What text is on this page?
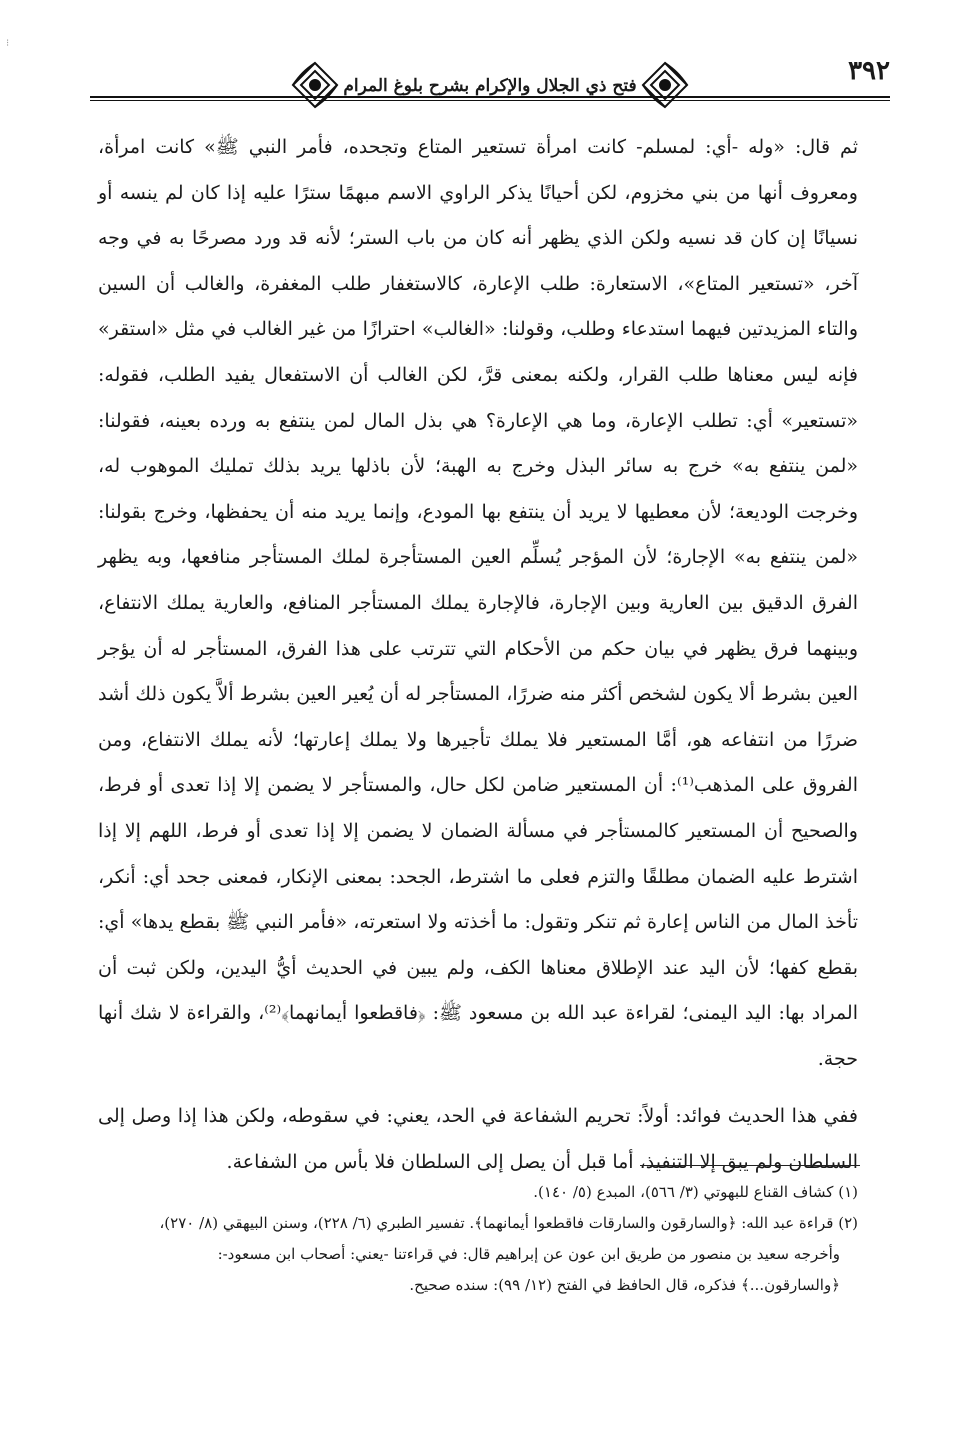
⁝
فتح ذي الجلال والإكرام بشرح بلوغ المرام	٣٩٢

ثم قال: «وله -أي: لمسلم- كانت امرأة تستعير المتاع وتجحده، فأمر النبي ﷺ» كانت امرأة، ومعروف أنها من بني مخزوم، لكن أحيانًا يذكر الراوي الاسم مبهمًا سترًا عليه إذا كان لم ينسه أو نسيانًا إن كان قد نسيه ولكن الذي يظهر أنه كان من باب الستر؛ لأنه قد ورد مصرحًا به في وجه آخر، «تستعير المتاع»، الاستعارة: طلب الإعارة، كالاستغفار طلب المغفرة، والغالب أن السين والتاء المزيدتين فيهما استدعاء وطلب، وقولنا: «الغالب» احترازًا من غير الغالب في مثل «استقر» فإنه ليس معناها طلب القرار، ولكنه بمعنى قرَّ، لكن الغالب أن الاستفعال يفيد الطلب، فقوله: «تستعير» أي: تطلب الإعارة، وما هي الإعارة؟ هي بذل المال لمن ينتفع به ورده بعينه، فقولنا: «لمن ينتفع به» خرج به سائر البذل وخرج به الهبة؛ لأن باذلها يريد بذلك تمليك الموهوب له، وخرجت الوديعة؛ لأن معطيها لا يريد أن ينتفع بها المودع، وإنما يريد منه أن يحفظها، وخرج بقولنا: «لمن ينتفع به» الإجارة؛ لأن المؤجر يُسلِّم العين المستأجرة لملك المستأجر منافعها، وبه يظهر الفرق الدقيق بين العارية وبين الإجارة، فالإجارة يملك المستأجر المنافع، والعارية يملك الانتفاع، وبينهما فرق يظهر في بيان حكم من الأحكام التي تترتب على هذا الفرق، المستأجر له أن يؤجر العين بشرط ألا يكون لشخص أكثر منه ضررًا، المستأجر له أن يُعير العين بشرط ألاَّ يكون ذلك أشد ضررًا من انتفاعه هو، أمَّا المستعير فلا يملك تأجيرها ولا يملك إعارتها؛ لأنه يملك الانتفاع، ومن الفروق على المذهب⁽¹⁾: أن المستعير ضامن لكل حال، والمستأجر لا يضمن إلا إذا تعدى أو فرط، والصحيح أن المستعير كالمستأجر في مسألة الضمان لا يضمن إلا إذا تعدى أو فرط، اللهم إلا إذا اشترط عليه الضمان مطلقًا والتزم فعلى ما اشترط، الجحد: بمعنى الإنكار، فمعنى جحد أي: أنكر، تأخذ المال من الناس إعارة ثم تنكر وتقول: ما أخذته ولا استعرته، «فأمر النبي ﷺ بقطع يدها» أي: بقطع كفها؛ لأن اليد عند الإطلاق معناها الكف، ولم يبين في الحديث أيُّ اليدين، ولكن ثبت أن المراد بها: اليد اليمنى؛ لقراءة عبد الله بن مسعود ﷺ: ﴿فاقطعوا أيمانهما﴾⁽²⁾، والقراءة لا شك أنها حجة.

ففي هذا الحديث فوائد: أولاً: تحريم الشفاعة في الحد، يعني: في سقوطه، ولكن هذا إذا وصل إلى السلطان ولم يبق إلا التنفيذ، أما قبل أن يصل إلى السلطان فلا بأس من الشفاعة.

(١) كشاف القناع للبهوتي (٣/ ٥٦٦)، المبدع (٥/ ١٤٠).

(٢) قراءة عبد الله: ﴿والسارقون والسارقات فاقطعوا أيمانهما﴾. تفسير الطبري (٦/ ٢٢٨)، وسنن البيهقي (٨/ ٢٧٠)،

وأخرجه سعيد بن منصور من طريق ابن عون عن إبراهيم قال: في قراءتنا -يعني: أصحاب ابن مسعود-:

﴿والسارقون...﴾ فذكره، قال الحافظ في الفتح (١٢/ ٩٩): سنده صحيح.
